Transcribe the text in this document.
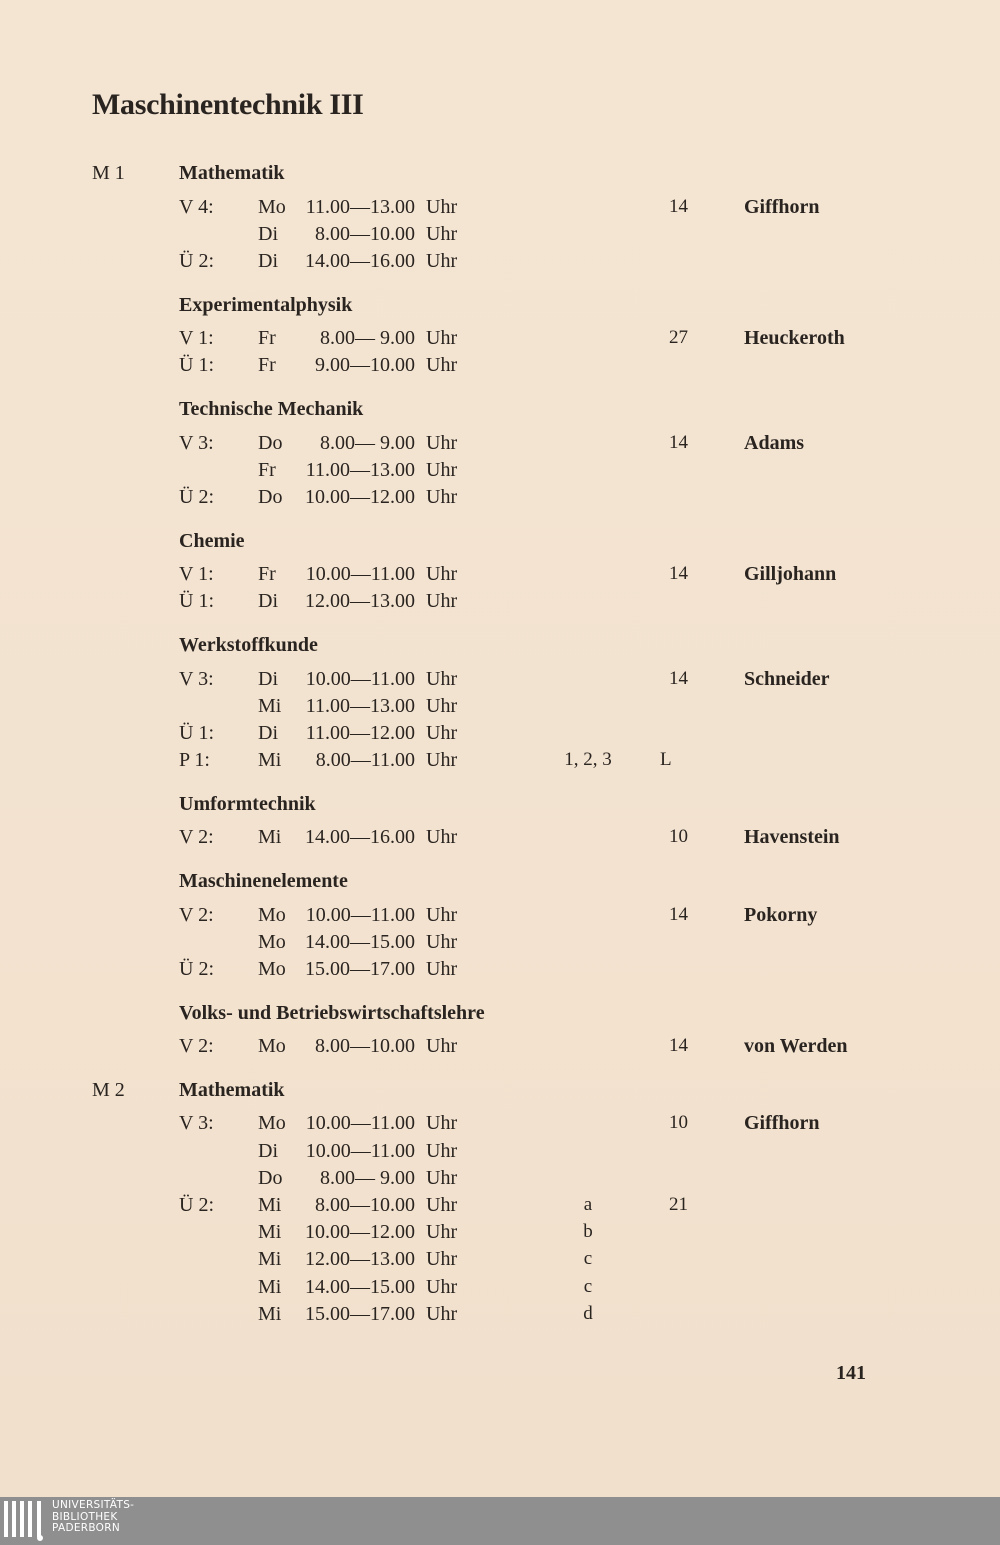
Maschinentechnik III
M 1	Mathematik
V 4: Mo 11.00—13.00 Uhr	14	Giffhorn
Di 8.00—10.00 Uhr
Ü 2: Di 14.00—16.00 Uhr
Experimentalphysik
V 1: Fr 8.00— 9.00 Uhr	27	Heuckeroth
Ü 1: Fr 9.00—10.00 Uhr
Technische Mechanik
V 3: Do 8.00— 9.00 Uhr	14	Adams
Fr 11.00—13.00 Uhr
Ü 2: Do 10.00—12.00 Uhr
Chemie
V 1: Fr 10.00—11.00 Uhr	14	Gilljohann
Ü 1: Di 12.00—13.00 Uhr
Werkstoffkunde
V 3: Di 10.00—11.00 Uhr	14	Schneider
Mi 11.00—13.00 Uhr
Ü 1: Di 11.00—12.00 Uhr
P 1: Mi 8.00—11.00 Uhr	1, 2, 3	L
Umformtechnik
V 2: Mi 14.00—16.00 Uhr	10	Havenstein
Maschinenelemente
V 2: Mo 10.00—11.00 Uhr	14	Pokorny
Mo 14.00—15.00 Uhr
Ü 2: Mo 15.00—17.00 Uhr
Volks- und Betriebswirtschaftslehre
V 2: Mo 8.00—10.00 Uhr	14	von Werden
M 2	Mathematik
V 3: Mo 10.00—11.00 Uhr	10	Giffhorn
Di 10.00—11.00 Uhr
Do 8.00— 9.00 Uhr
Ü 2: Mi 8.00—10.00 Uhr	a	21
Mi 10.00—12.00 Uhr	b
Mi 12.00—13.00 Uhr	c
Mi 14.00—15.00 Uhr	c
Mi 15.00—17.00 Uhr	d
141
UNIVERSITÄTS-
BIBLIOTHEK
PADERBORN
